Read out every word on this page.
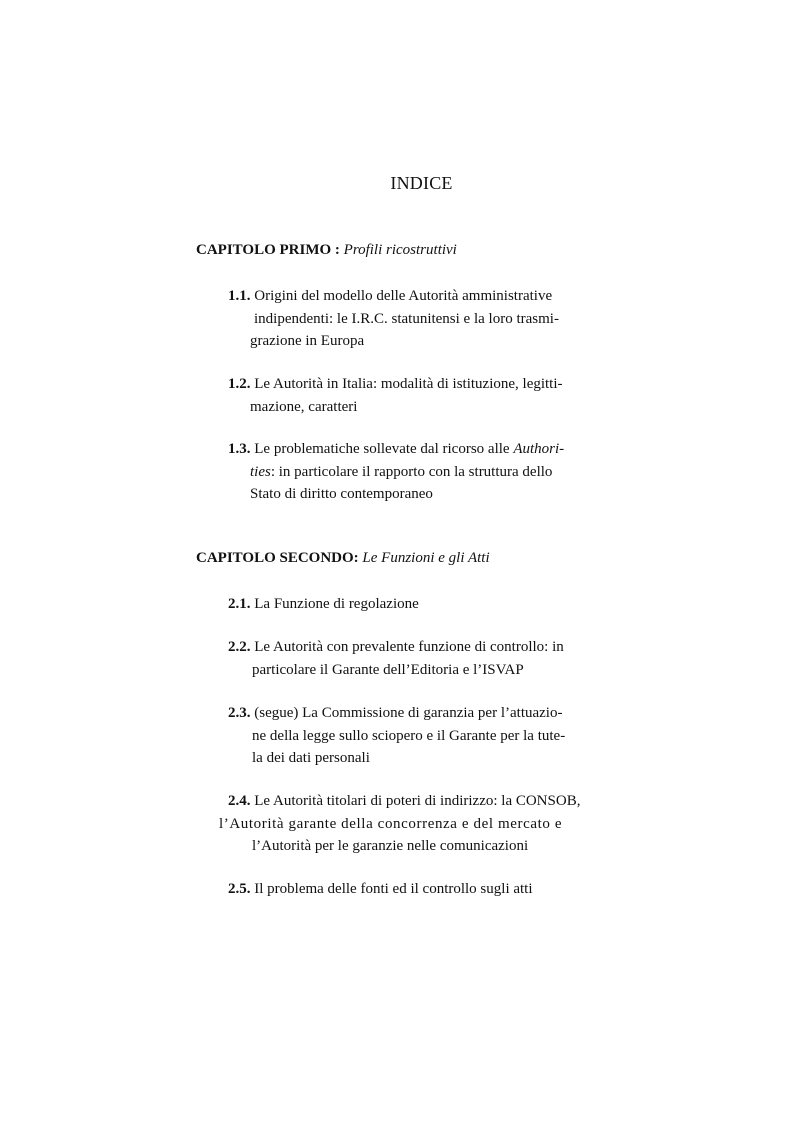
INDICE
CAPITOLO PRIMO : Profili ricostruttivi
1.1. Origini del modello delle Autorità amministrative
indipendenti: le I.R.C. statunitensi e la loro trasmi-
grazione in Europa
1.2. Le Autorità in Italia: modalità di istituzione, legitti-
mazione, caratteri
1.3. Le problematiche sollevate dal ricorso alle Authori-
ties: in particolare il rapporto con la struttura dello
Stato di diritto contemporaneo
CAPITOLO SECONDO: Le Funzioni e gli Atti
2.1. La Funzione di regolazione
2.2. Le Autorità con prevalente funzione di controllo: in
particolare il Garante dell’Editoria e l’ISVAP
2.3. (segue) La Commissione di garanzia per l’attuazio-
ne della legge sullo sciopero e il Garante per la tute-
la dei dati personali
2.4. Le Autorità titolari di poteri di indirizzo: la CONSOB,
l’Autorità garante della concorrenza e del mercato e
l’Autorità per le garanzie nelle comunicazioni
2.5. Il problema delle fonti ed il controllo sugli atti
